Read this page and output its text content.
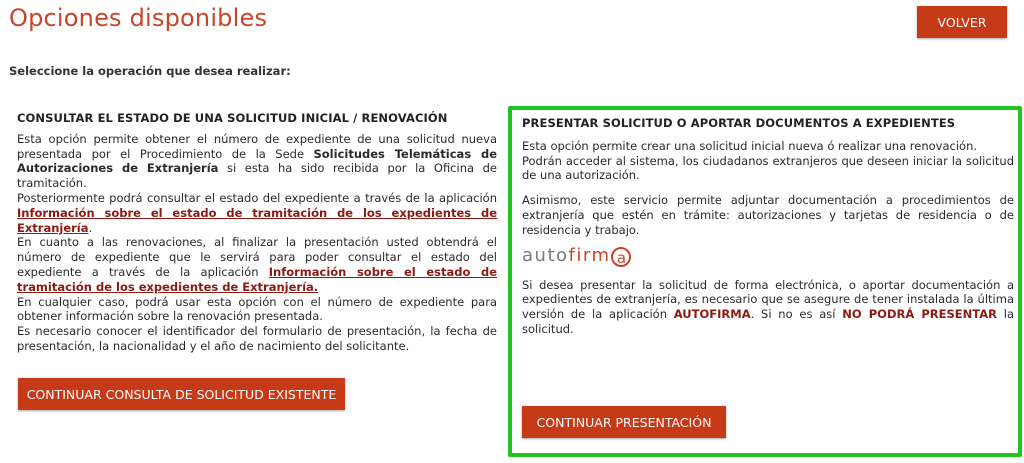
Opciones disponibles	VOLVER
Seleccione la operación que desea realizar:
CONSULTAR EL ESTADO DE UNA SOLICITUD INICIAL / RENOVACIÓN

Esta opción permite obtener el número de expediente de una solicitud nueva presentada por el Procedimiento de la Sede Solicitudes Telemáticas de Autorizaciones de Extranjería si esta ha sido recibida por la Oficina de tramitación.

Posteriormente podrá consultar el estado del expediente a través de la aplicación Información sobre el estado de tramitación de los expedientes de Extranjería.

En cuanto a las renovaciones, al finalizar la presentación usted obtendrá el número de expediente que le servirá para poder consultar el estado del expediente a través de la aplicación Información sobre el estado de tramitación de los expedientes de Extranjería.

En cualquier caso, podrá usar esta opción con el número de expediente para obtener información sobre la renovación presentada.

Es necesario conocer el identificador del formulario de presentación, la fecha de presentación, la nacionalidad y el año de nacimiento del solicitante.

CONTINUAR CONSULTA DE SOLICITUD EXISTENTE
PRESENTAR SOLICITUD O APORTAR DOCUMENTOS A EXPEDIENTES

Esta opción permite crear una solicitud inicial nueva ó realizar una renovación.

Podrán acceder al sistema, los ciudadanos extranjeros que deseen iniciar la solicitud de una autorización.

Asimismo, este servicio permite adjuntar documentación a procedimientos de extranjería que estén en trámite: autorizaciones y tarjetas de residencia o de residencia y trabajo.

auto firm a

Si desea presentar la solicitud de forma electrónica, o aportar documentación a expedientes de extranjería, es necesario que se asegure de tener instalada la última versión de la aplicación AUTOFIRMA. Si no es así NO PODRÁ PRESENTAR la solicitud.

CONTINUAR PRESENTACIÓN
